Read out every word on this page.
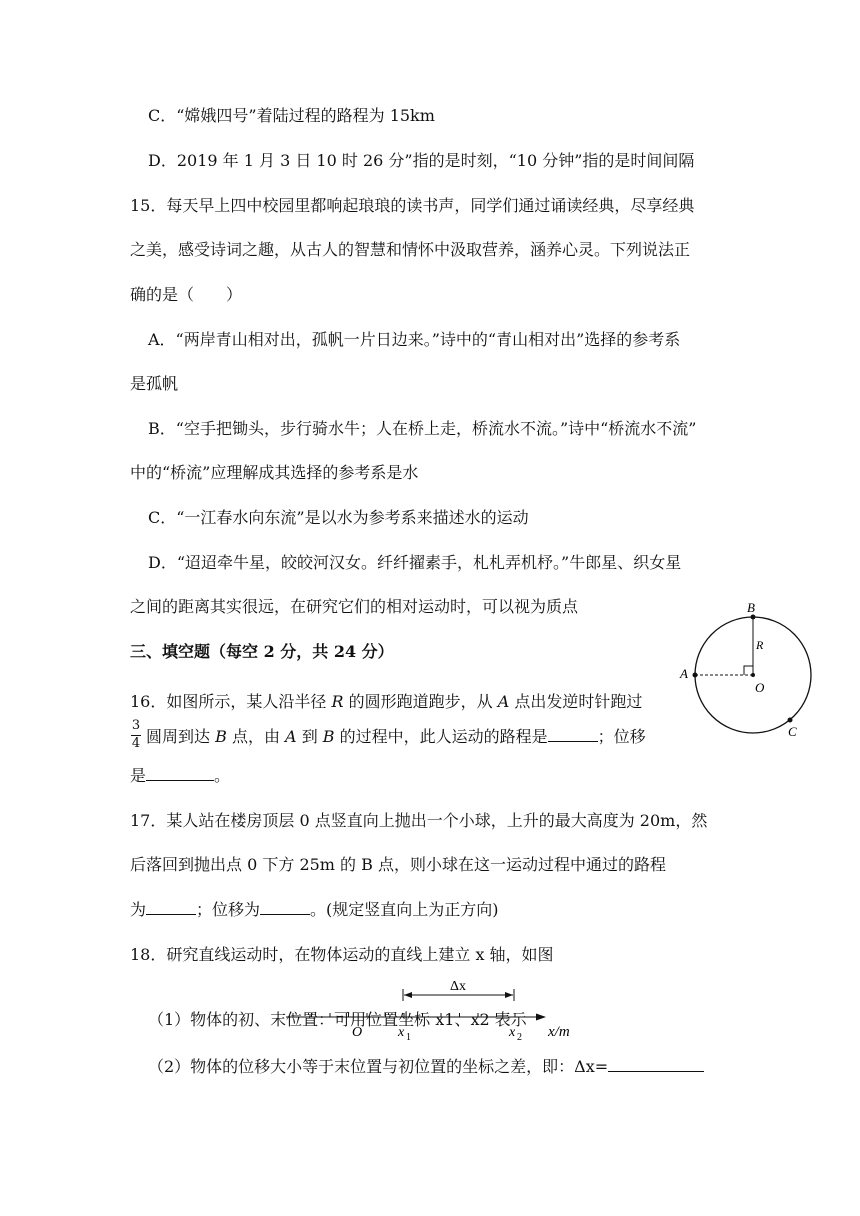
C．“嫦娥四号”着陆过程的路程为 15km
D．2019 年 1 月 3 日 10 时 26 分”指的是时刻，“10 分钟”指的是时间间隔
15．每天早上四中校园里都响起琅琅的读书声，同学们通过诵读经典，尽享经典
之美，感受诗词之趣，从古人的智慧和情怀中汲取营养，涵养心灵。下列说法正
确的是（　　）
A．“两岸青山相对出，孤帆一片日边来。”诗中的“青山相对出”选择的参考系
是孤帆
B．“空手把锄头，步行骑水牛；人在桥上走，桥流水不流。”诗中“桥流水不流”
中的“桥流”应理解成其选择的参考系是水
C．“一江春水向东流”是以水为参考系来描述水的运动
D．“迢迢牵牛星，皎皎河汉女。纤纤擢素手，札札弄机杼。”牛郎星、织女星
之间的距离其实很远，在研究它们的相对运动时，可以视为质点
三、填空题（每空 2 分，共 24 分）
16．如图所示，某人沿半径 R 的圆形跑道跑步，从 A 点出发逆时针跑过
3
4 圆周到达 B 点，由 A 到 B 的过程中，此人运动的路程是	；位移
是	。
B
A
R
O
C
17．某人站在楼房顶层 0 点竖直向上抛出一个小球，上升的最大高度为 20m，然
后落回到抛出点 0 下方 25m 的 B 点，则小球在这一运动过程中通过的路程
为	；位移为	。(规定竖直向上为正方向)
18．研究直线运动时，在物体运动的直线上建立 x 轴，如图
Δx
O	x 1	x 2 x/m
（1）物体的初、末位置：可用位置坐标 x1、x2 表示
（2）物体的位移大小等于末位置与初位置的坐标之差，即：Δx=
